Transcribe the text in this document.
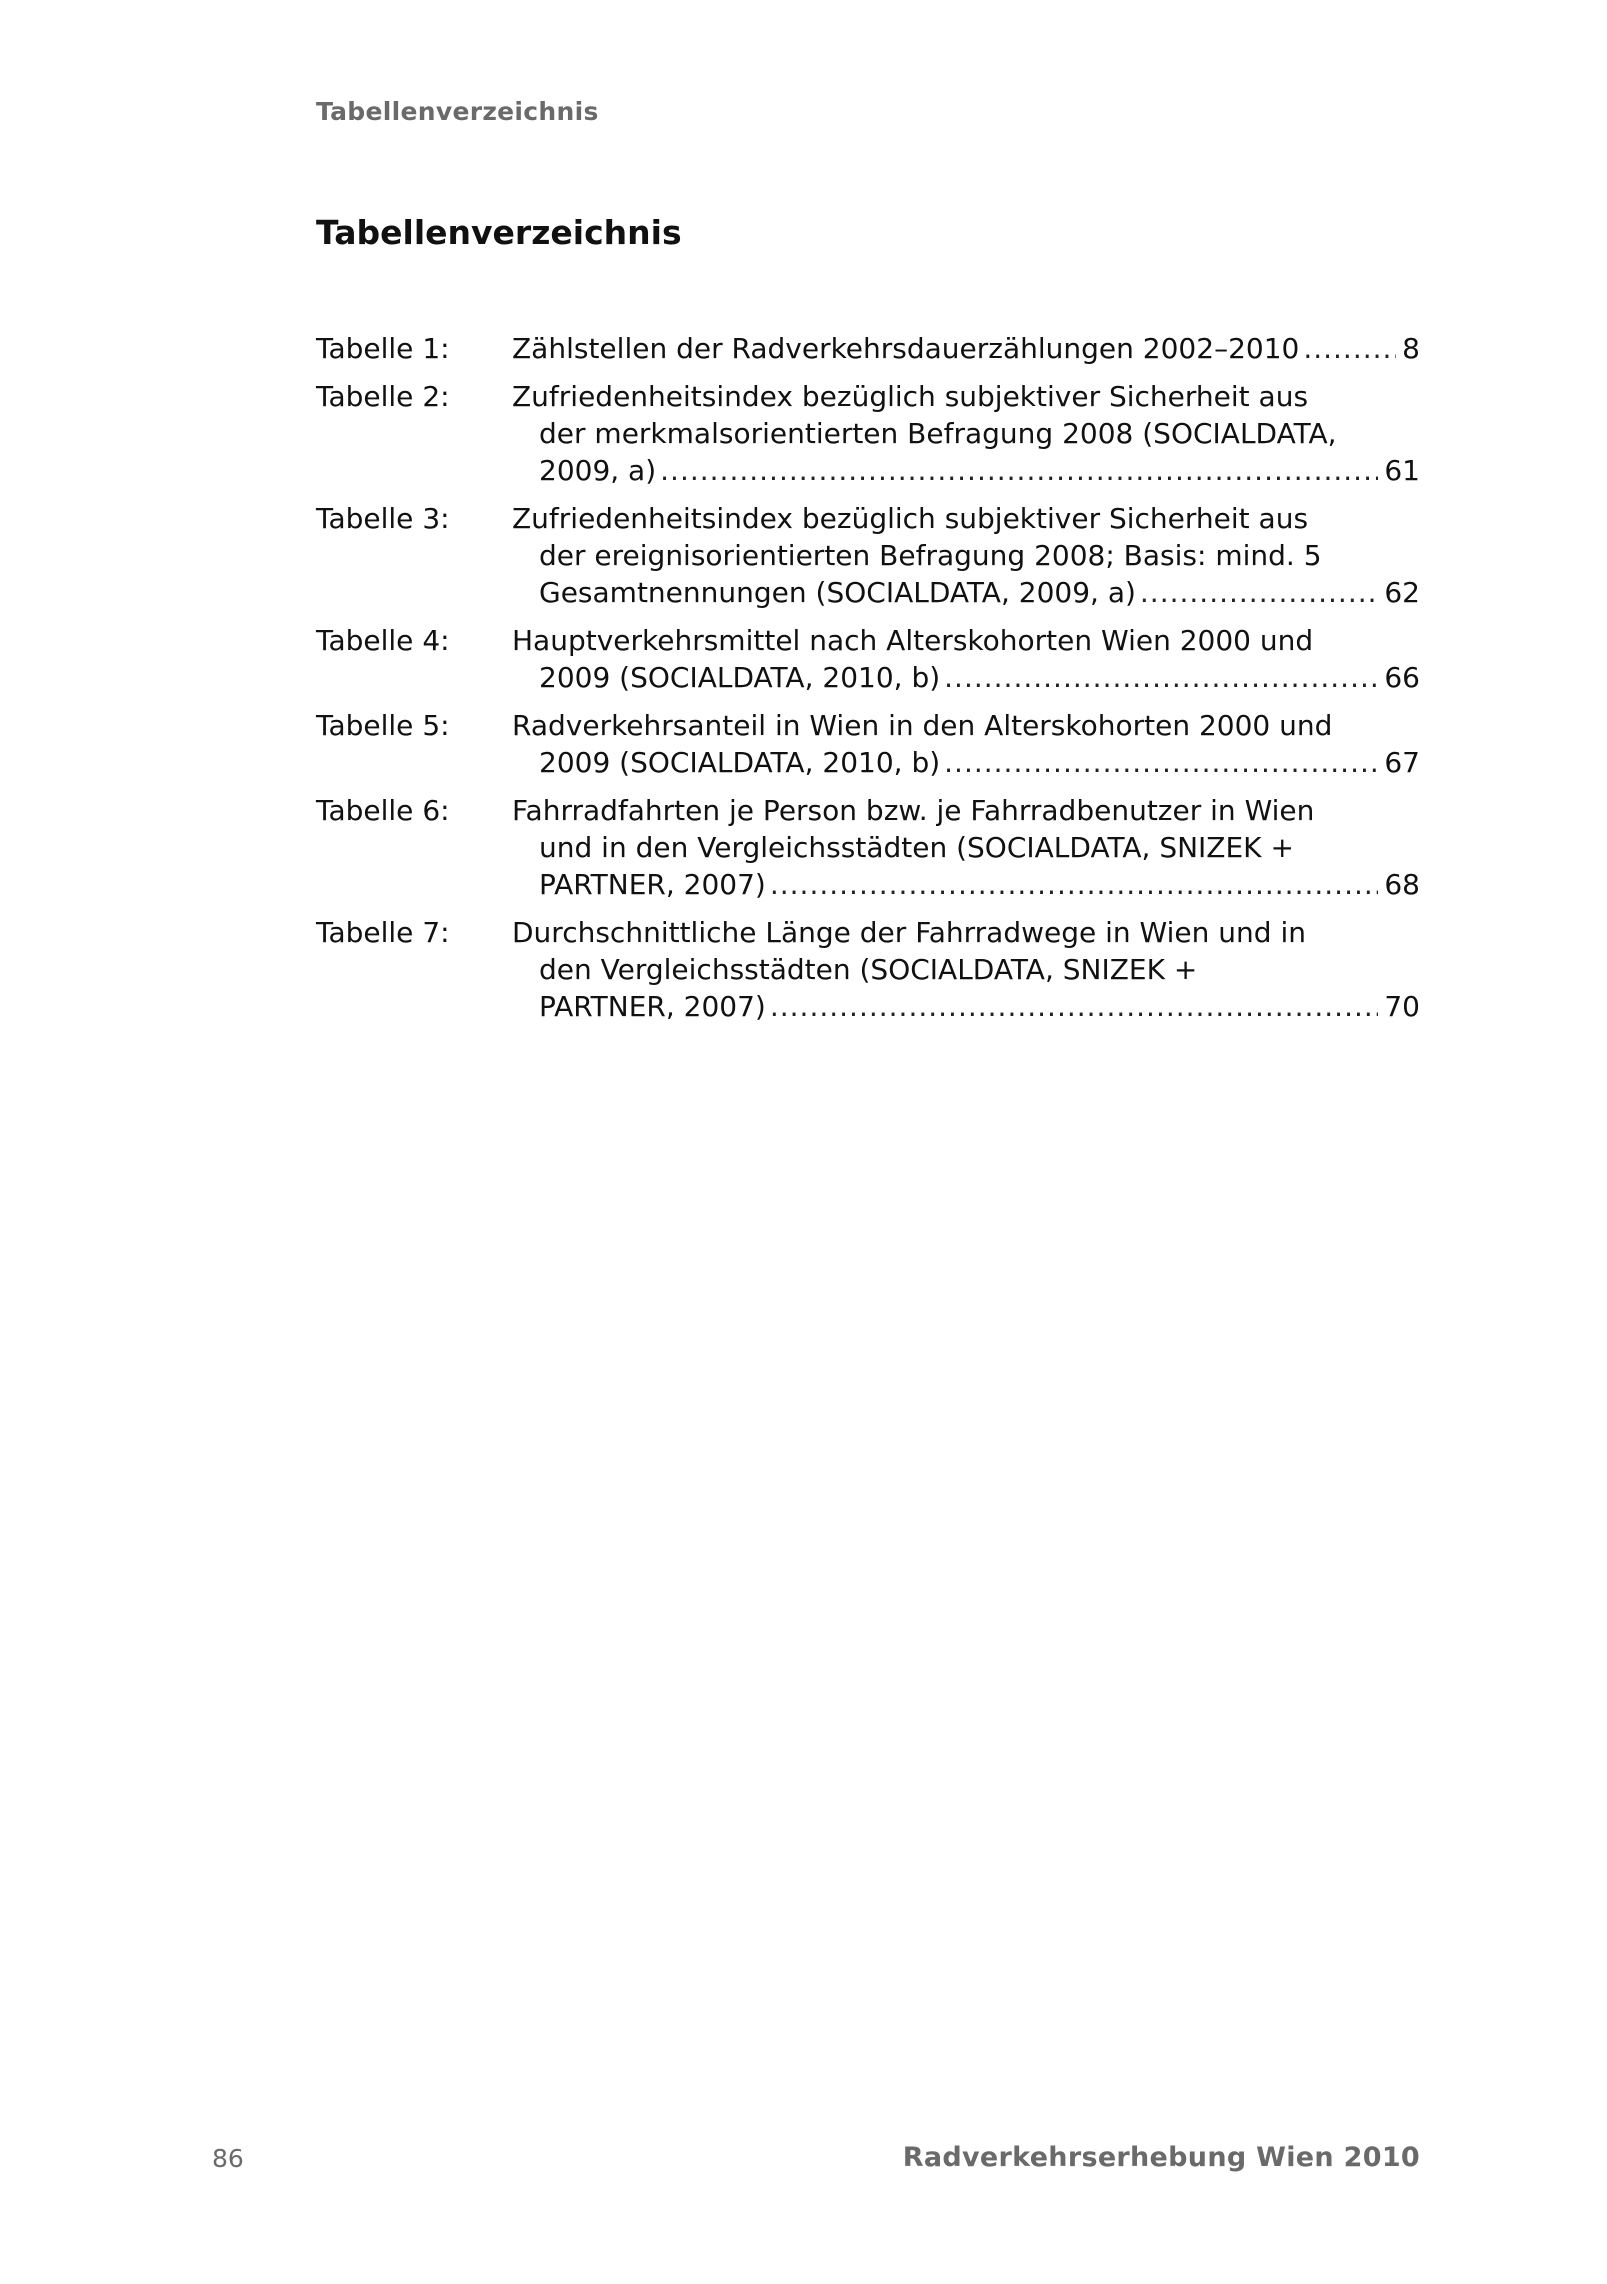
Tabellenverzeichnis
Tabellenverzeichnis
Tabelle 1:	Zählstellen der Radverkehrsdauerzählungen 2002–2010 .....	8
Tabelle 2:	Zufriedenheitsindex bezüglich subjektiver Sicherheit aus
der merkmalsorientierten Befragung 2008 (SOCIALDATA,
2009, a) .....	61
Tabelle 3:	Zufriedenheitsindex bezüglich subjektiver Sicherheit aus
der ereignisorientierten Befragung 2008; Basis: mind. 5
Gesamtnennungen (SOCIALDATA, 2009, a) .....	62
Tabelle 4:	Hauptverkehrsmittel nach Alterskohorten Wien 2000 und
2009 (SOCIALDATA, 2010, b) .....	66
Tabelle 5:	Radverkehrsanteil in Wien in den Alterskohorten 2000 und
2009 (SOCIALDATA, 2010, b) .....	67
Tabelle 6:	Fahrradfahrten je Person bzw. je Fahrradbenutzer in Wien
und in den Vergleichsstädten (SOCIALDATA, SNIZEK +
PARTNER, 2007) .....	68
Tabelle 7:	Durchschnittliche Länge der Fahrradwege in Wien und in
den Vergleichsstädten (SOCIALDATA, SNIZEK +
PARTNER, 2007) .....	70
86	Radverkehrserhebung Wien 2010
